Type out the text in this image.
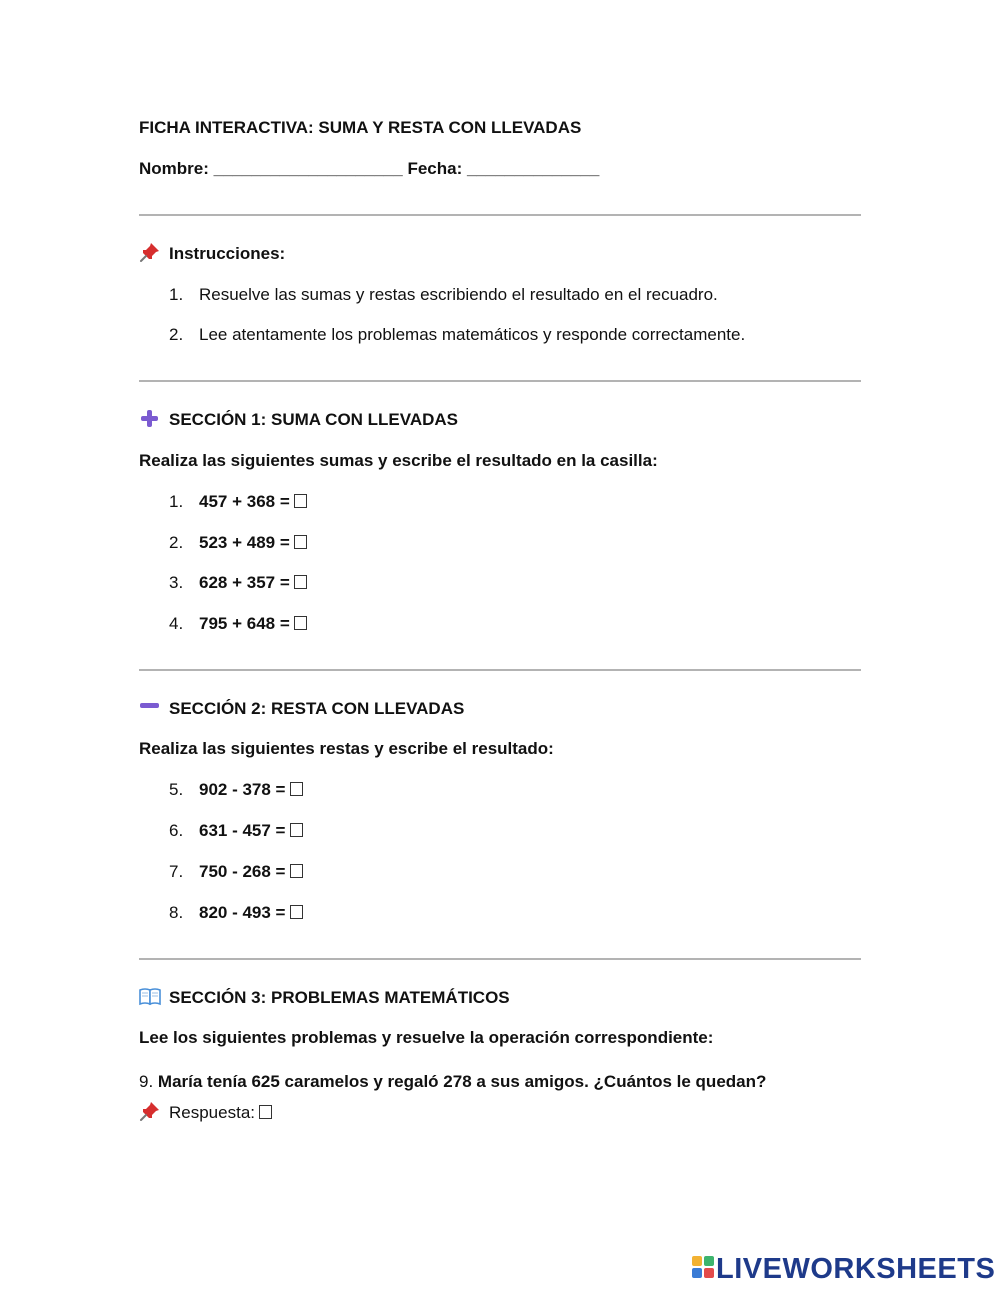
FICHA INTERACTIVA: SUMA Y RESTA CON LLEVADAS
Nombre: ____________________ Fecha: ______________
Instrucciones:
1. Resuelve las sumas y restas escribiendo el resultado en el recuadro.
2. Lee atentamente los problemas matemáticos y responde correctamente.
SECCIÓN 1: SUMA CON LLEVADAS
Realiza las siguientes sumas y escribe el resultado en la casilla:
1. 457 + 368 =
2. 523 + 489 =
3. 628 + 357 =
4. 795 + 648 =
SECCIÓN 2: RESTA CON LLEVADAS
Realiza las siguientes restas y escribe el resultado:
5. 902 - 378 =
6. 631 - 457 =
7. 750 - 268 =
8. 820 - 493 =
SECCIÓN 3: PROBLEMAS MATEMÁTICOS
Lee los siguientes problemas y resuelve la operación correspondiente:
9. María tenía 625 caramelos y regaló 278 a sus amigos. ¿Cuántos le quedan?
Respuesta:
LIVEWORKSHEETS
